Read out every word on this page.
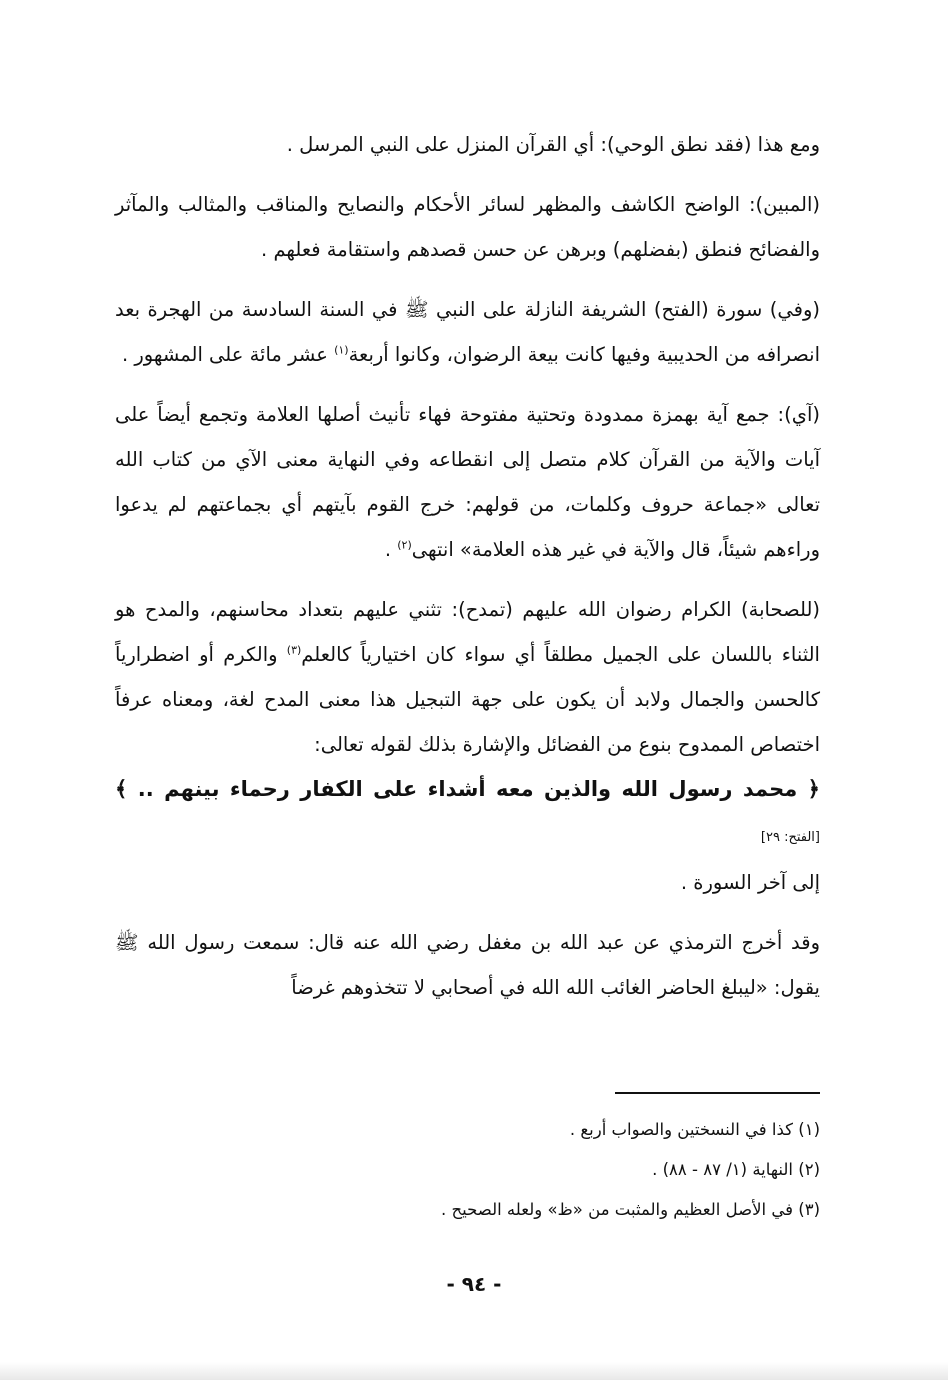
ومع هذا (فقد نطق الوحي): أي القرآن المنزل على النبي المرسل .

(المبين): الواضح الكاشف والمظهر لسائر الأحكام والنصايح والمناقب والمثالب والمآثر والفضائح فنطق (بفضلهم) وبرهن عن حسن قصدهم واستقامة فعلهم .

(وفي) سورة (الفتح) الشريفة النازلة على النبي ﷺ في السنة السادسة من الهجرة بعد انصرافه من الحديبية وفيها كانت بيعة الرضوان، وكانوا أربعة$^{(١)}$ عشر مائة على المشهور .

(آي): جمع آية بهمزة ممدودة وتحتية مفتوحة فهاء تأنيث أصلها العلامة وتجمع أيضاً على آيات والآية من القرآن كلام متصل إلى انقطاعه وفي النهاية معنى الآي من كتاب الله تعالى «جماعة حروف وكلمات، من قولهم: خرج القوم بآيتهم أي بجماعتهم لم يدعوا وراءهم شيئاً، قال والآية في غير هذه العلامة» انتهى$^{(٢)}$ .

(للصحابة) الكرام رضوان الله عليهم (تمدح): تثني عليهم بتعداد محاسنهم، والمدح هو الثناء باللسان على الجميل مطلقاً أي سواء كان اختيارياً كالعلم$^{(٣)}$ والكرم أو اضطرارياً كالحسن والجمال ولابد أن يكون على جهة التبجيل هذا معنى المدح لغة، ومعناه عرفاً اختصاص الممدوح بنوع من الفضائل والإشارة بذلك لقوله تعالى:

﴿ محمد رسول الله والذين معه أشداء على الكفار رحماء بينهم .. ﴾ [الفتح: ٢٩]

إلى آخر السورة .

وقد أخرج الترمذي عن عبد الله بن مغفل رضي الله عنه قال: سمعت رسول الله ﷺ يقول: «ليبلغ الحاضر الغائب الله الله في أصحابي لا تتخذوهم غرضاً

(١) كذا في النسختين والصواب أربع .

(٢) النهاية (١/ ٨٧ - ٨٨) .

(٣) في الأصل العظيم والمثبت من «ظ» ولعله الصحيح .

- ٩٤ -
